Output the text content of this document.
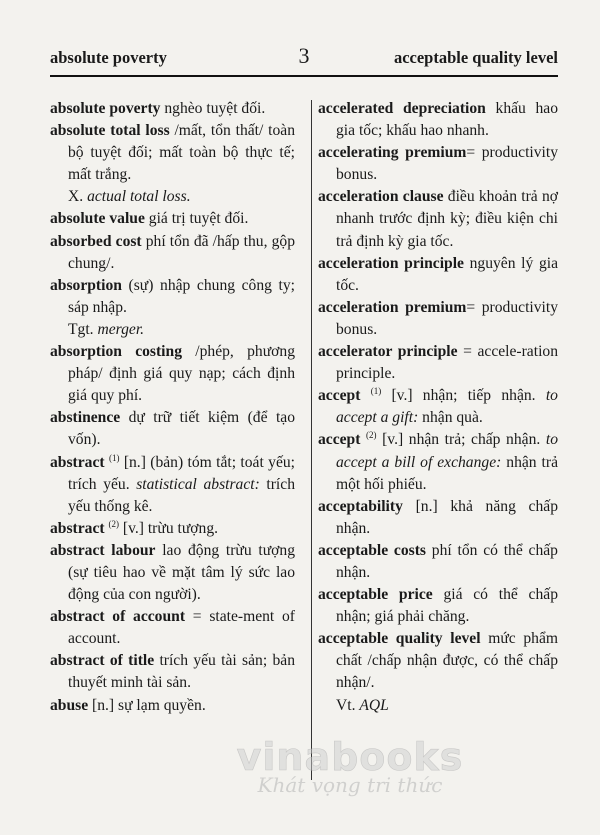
absolute poverty	3	acceptable quality level

absolute poverty nghèo tuyệt đối.

absolute total loss /mất, tổn thất/ toàn bộ tuyệt đối; mất toàn bộ thực tế; mất trắng.

X. actual total loss.

absolute value giá trị tuyệt đối.

absorbed cost phí tổn đã /hấp thu, gộp chung/.

absorption (sự) nhập chung công ty; sáp nhập.

Tgt. merger.

absorption costing /phép, phương pháp/ định giá quy nạp; cách định giá quy phí.

abstinence dự trữ tiết kiệm (để tạo vốn).

abstract $^{(1)}$ [n.] (bản) tóm tắt; toát yếu; trích yếu. statistical abstract: trích yếu thống kê.

abstract $^{(2)}$ [v.] trừu tượng.

abstract labour lao động trừu tượng (sự tiêu hao về mặt tâm lý sức lao động của con người).

abstract of account = state-ment of account.

abstract of title trích yếu tài sản; bản thuyết minh tài sản.

abuse [n.] sự lạm quyền.

accelerated depreciation khấu hao gia tốc; khấu hao nhanh.

accelerating premium= productivity bonus.

acceleration clause điều khoản trả nợ nhanh trước định kỳ; điều kiện chi trả định kỳ gia tốc.

acceleration principle nguyên lý gia tốc.

acceleration premium= productivity bonus.

accelerator principle = accele-ration principle.

accept $^{(1)}$ [v.] nhận; tiếp nhận. to accept a gift: nhận quà.

accept $^{(2)}$ [v.] nhận trả; chấp nhận. to accept a bill of exchange: nhận trả một hối phiếu.

acceptability [n.] khả năng chấp nhận.

acceptable costs phí tổn có thể chấp nhận.

acceptable price giá có thể chấp nhận; giá phải chăng.

acceptable quality level mức phẩm chất /chấp nhận được, có thể chấp nhận/.

Vt. AQL

vinabooks
Khát vọng tri thức
